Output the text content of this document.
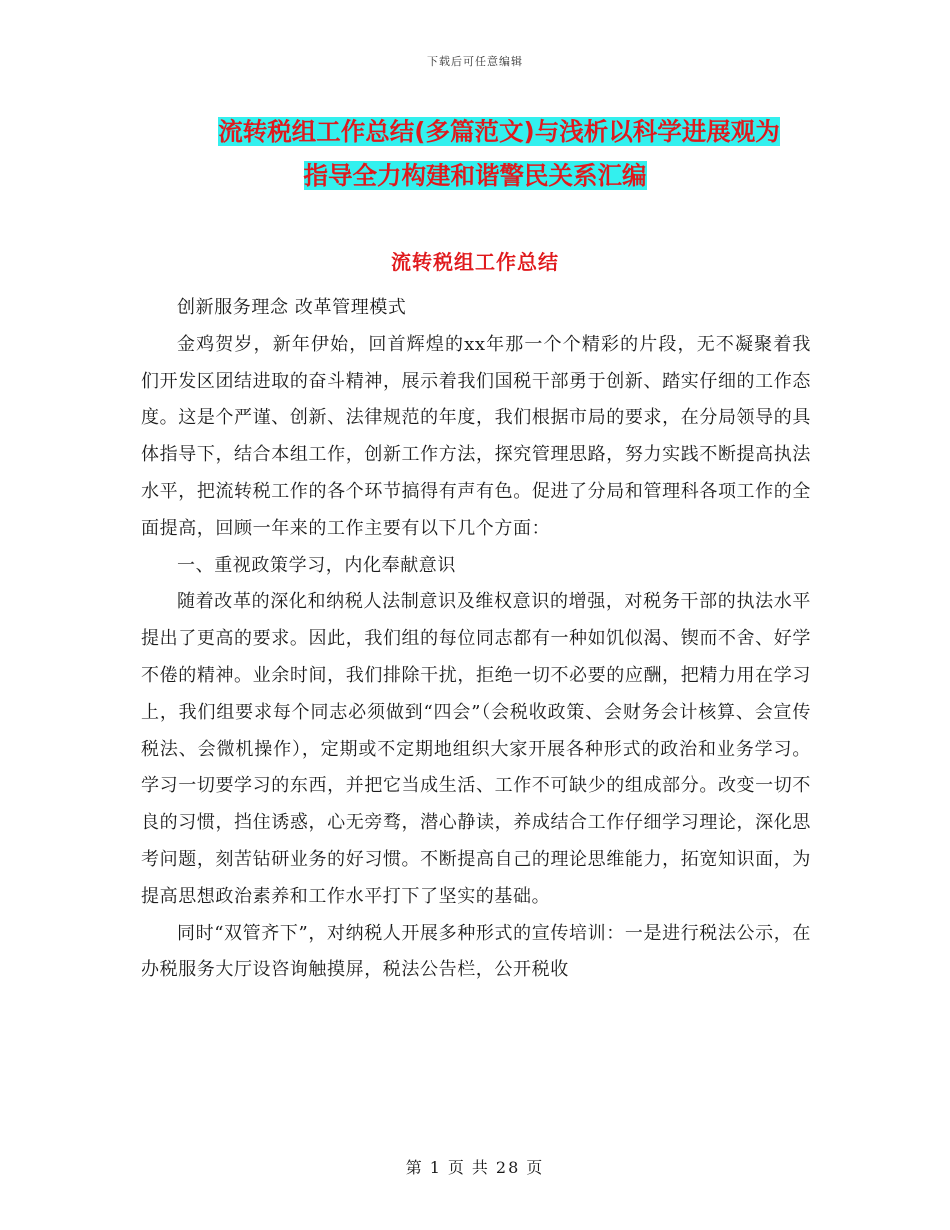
下载后可任意编辑
流转税组工作总结(多篇范文)与浅析以科学进展观为
指导全力构建和谐警民关系汇编
流转税组工作总结

创新服务理念 改革管理模式

金鸡贺岁，新年伊始，回首辉煌的xx年那一个个精彩的片段，无不凝聚着我们开发区团结进取的奋斗精神，展示着我们国税干部勇于创新、踏实仔细的工作态度。这是个严谨、创新、法律规范的年度，我们根据市局的要求，在分局领导的具体指导下，结合本组工作，创新工作方法，探究管理思路，努力实践不断提高执法水平，把流转税工作的各个环节搞得有声有色。促进了分局和管理科各项工作的全面提高，回顾一年来的工作主要有以下几个方面：

一、重视政策学习，内化奉献意识

随着改革的深化和纳税人法制意识及维权意识的增强，对税务干部的执法水平提出了更高的要求。因此，我们组的每位同志都有一种如饥似渴、锲而不舍、好学不倦的精神。业余时间，我们排除干扰，拒绝一切不必要的应酬，把精力用在学习上，我们组要求每个同志必须做到“四会”（会税收政策、会财务会计核算、会宣传税法、会微机操作），定期或不定期地组织大家开展各种形式的政治和业务学习。学习一切要学习的东西，并把它当成生活、工作不可缺少的组成部分。改变一切不良的习惯，挡住诱惑，心无旁骛，潜心静读，养成结合工作仔细学习理论，深化思考问题，刻苦钻研业务的好习惯。不断提高自己的理论思维能力，拓宽知识面，为提高思想政治素养和工作水平打下了坚实的基础。

同时“双管齐下”，对纳税人开展多种形式的宣传培训：一是进行税法公示，在办税服务大厅设咨询触摸屏，税法公告栏，公开税收

第 1 页 共 28 页
